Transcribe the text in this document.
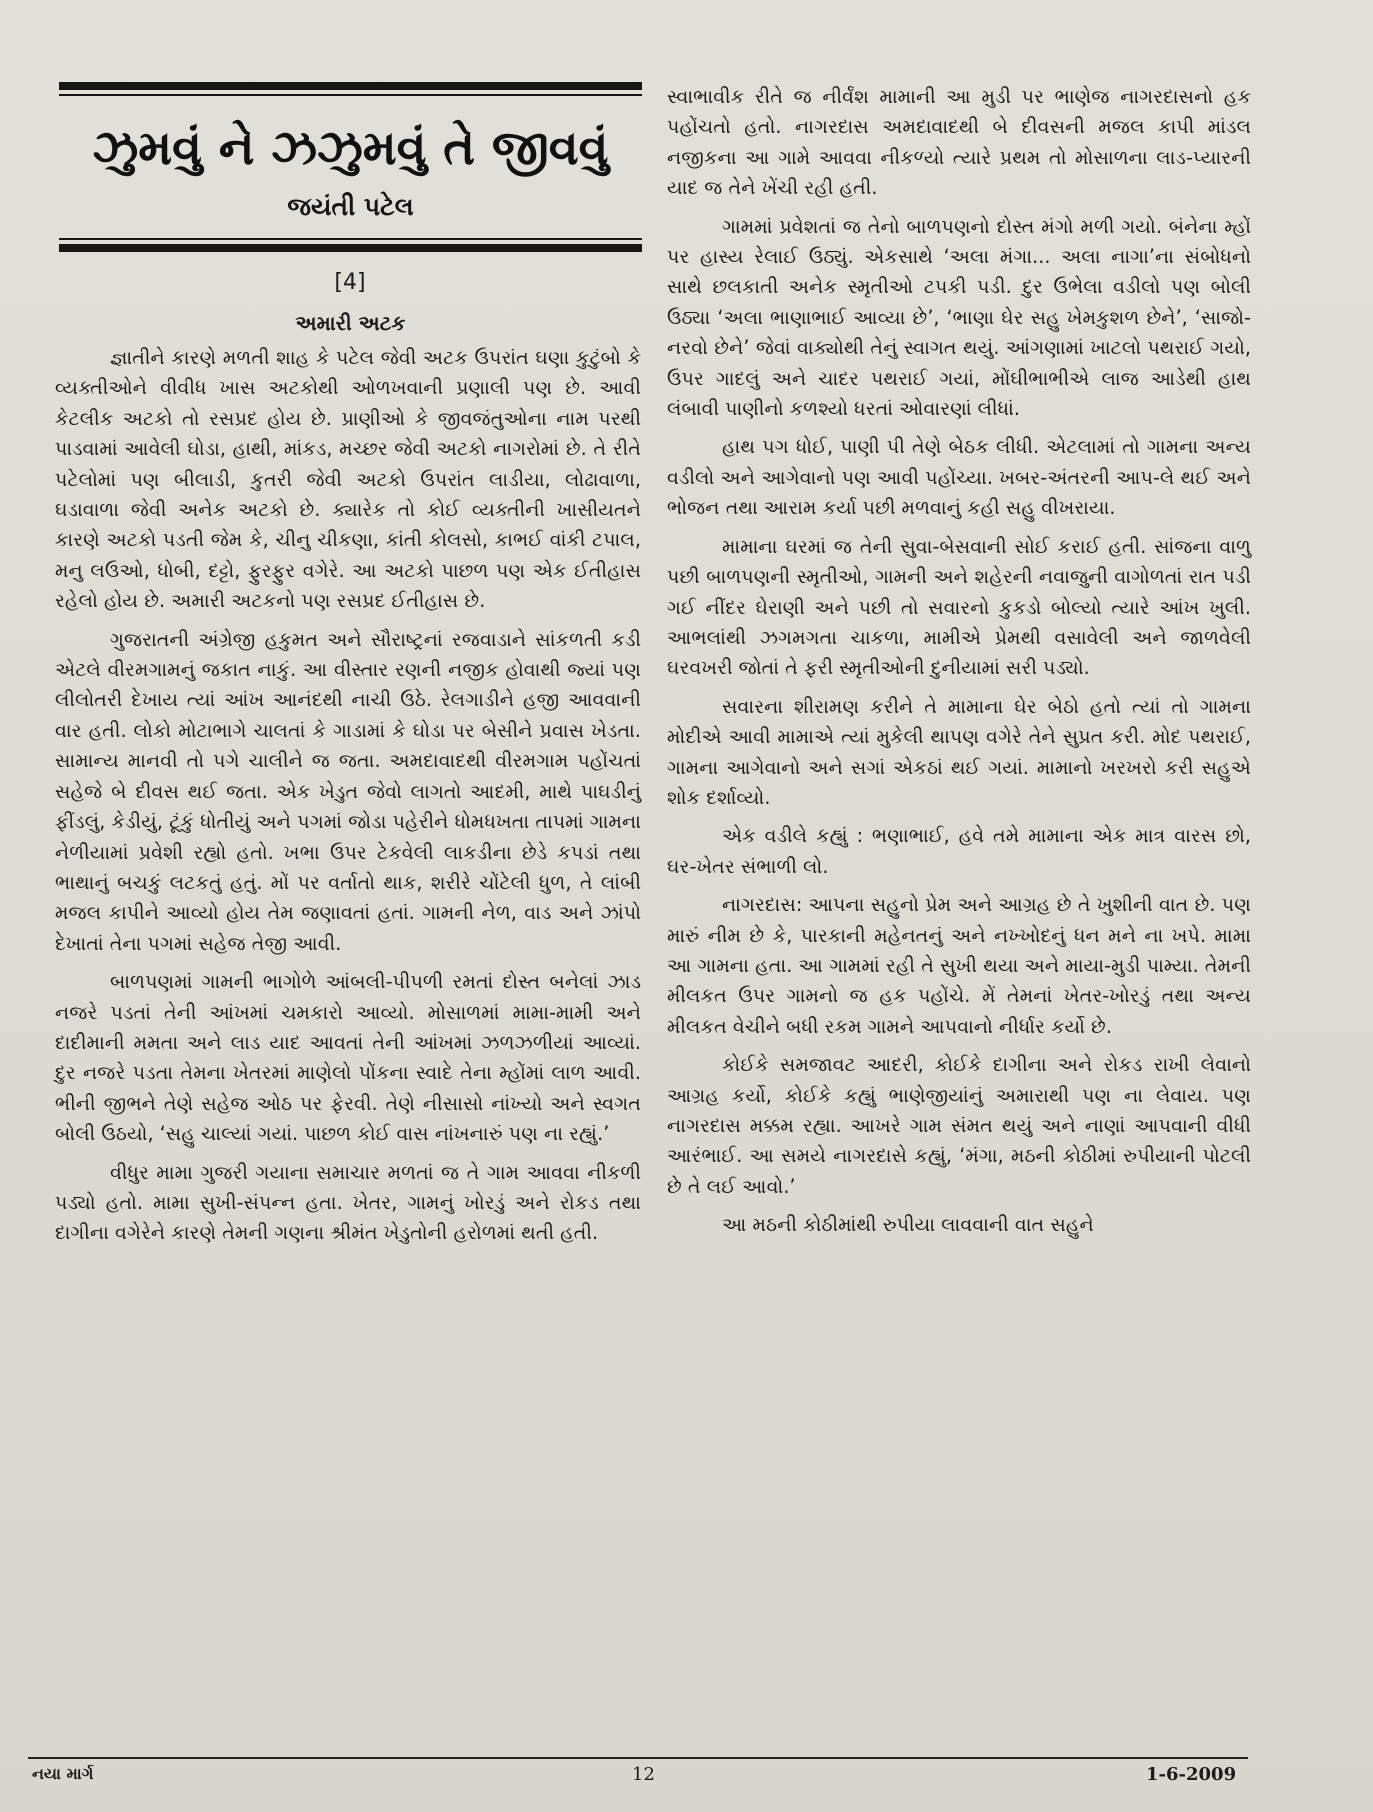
ઝુમવું ને ઝઝુમવું તે જીવવું
જયંતી પટેલ
[4]
અમારી અટક

જ્ઞાતીને કારણે મળતી શાહ કે પટેલ જેવી અટક ઉપરાંત ઘણા કુટુંબો કે વ્યક્તીઓને વીવીધ ખાસ અટકોથી ઓળખવાની પ્રણાલી પણ છે. આવી કેટલીક અટકો તો રસપ્રદ હોય છે. પ્રાણીઓ કે જીવજંતુઓના નામ પરથી પાડવામાં આવેલી ઘોડા, હાથી, માંકડ, મચ્છર જેવી અટકો નાગરોમાં છે. તે રીતે પટેલોમાં પણ બીલાડી, કુતરી જેવી અટકો ઉપરાંત લાડીયા, લોઢાવાળા, ઘડાવાળા જેવી અનેક અટકો છે. ક્યારેક તો કોઈ વ્યક્તીની ખાસીયતને કારણે અટકો પડતી જેમ કે, ચીનુ ચીકણા, કાંતી કોલસો, કાભઈ વાંકી ટપાલ, મનુ લઉઓ, ધોબી, દટ્ટો, ફુરફુર વગેરે. આ અટકો પાછળ પણ એક ઈતીહાસ રહેલો હોય છે. અમારી અટકનો પણ રસપ્રદ ઈતીહાસ છે.

ગુજરાતની અંગ્રેજી હકુમત અને સૌરાષ્ટ્રનાં રજવાડાને સાંકળતી કડી એટલે વીરમગામનું જકાત નાકું. આ વીસ્તાર રણની નજીક હોવાથી જ્યાં પણ લીલોતરી દેખાય ત્યાં આંખ આનંદથી નાચી ઉઠે. રેલગાડીને હજી આવવાની વાર હતી. લોકો મોટાભાગે ચાલતાં કે ગાડામાં કે ઘોડા પર બેસીને પ્રવાસ ખેડતા. સામાન્ય માનવી તો પગે ચાલીને જ જતા. અમદાવાદથી વીરમગામ પહોંચતાં સહેજે બે દીવસ થઈ જતા. એક ખેડુત જેવો લાગતો આદમી, માથે પાઘડીનું ફીંડલું, કેડીયું, ટૂંકું ધોતીયું અને પગમાં જોડા પહેરીને ધોમધખતા તાપમાં ગામના નેળીયામાં પ્રવેશી રહ્યો હતો. ખભા ઉપર ટેકવેલી લાકડીના છેડે કપડાં તથા ભાથાનું બચકું લટકતું હતું. મોં પર વર્તાતો થાક, શરીરે ચોંટેલી ધુળ, તે લાંબી મજલ કાપીને આવ્યો હોય તેમ જણાવતાં હતાં. ગામની નેળ, વાડ અને ઝાંપો દેખાતાં તેના પગમાં સહેજ તેજી આવી.

બાળપણમાં ગામની ભાગોળે આંબલી-પીપળી રમતાં દોસ્ત બનેલાં ઝાડ નજરે પડતાં તેની આંખમાં ચમકારો આવ્યો. મોસાળમાં મામા-મામી અને દાદીમાની મમતા અને લાડ યાદ આવતાં તેની આંખમાં ઝળઝળીયાં આવ્યાં. દુર નજરે પડતા તેમના ખેતરમાં માણેલો પોંકના સ્વાદે તેના મ્હોંમાં લાળ આવી. ભીની જીભને તેણે સહેજ ઓઠ પર ફેરવી. તેણે નીસાસો નાંખ્યો અને સ્વગત બોલી ઉઠયો, ‘સહુ ચાલ્યાં ગયાં. પાછળ કોઈ વાસ નાંખનારું પણ ના રહ્યું.’

વીધુર મામા ગુજરી ગયાના સમાચાર મળતાં જ તે ગામ આવવા નીકળી પડ્યો હતો. મામા સુખી-સંપન્ન હતા. ખેતર, ગામનું ખોરડું અને રોકડ તથા દાગીના વગેરેને કારણે તેમની ગણના શ્રીમંત ખેડુતોની હરોળમાં થતી હતી.

સ્વાભાવીક રીતે જ નીર્વંશ મામાની આ મુડી પર ભાણેજ નાગરદાસનો હક પહોંચતો હતો. નાગરદાસ અમદાવાદથી બે દીવસની મજલ કાપી માંડલ નજીકના આ ગામે આવવા નીકળ્યો ત્યારે પ્રથમ તો મોસાળના લાડ-પ્યારની યાદ જ તેને ખેંચી રહી હતી.

ગામમાં પ્રવેશતાં જ તેનો બાળપણનો દોસ્ત મંગો મળી ગયો. બંનેના મ્હોં પર હાસ્ય રેલાઈ ઉઠ્યું. એકસાથે ‘અલા મંગા... અલા નાગા’ના સંબોધનો સાથે છલકાતી અનેક સ્મૃતીઓ ટપકી પડી. દુર ઉભેલા વડીલો પણ બોલી ઉઠ્યા ‘અલા ભાણાભાઈ આવ્યા છે’, ‘ભાણા ઘેર સહુ ખેમકુશળ છેને’, ‘સાજો-નરવો છેને’ જેવાં વાક્યોથી તેનું સ્વાગત થયું. આંગણામાં ખાટલો પથરાઈ ગયો, ઉપર ગાદલું અને ચાદર પથરાઈ ગયાં, મોંઘીભાભીએ લાજ આડેથી હાથ લંબાવી પાણીનો કળશ્યો ધરતાં ઓવારણાં લીધાં.

હાથ પગ ધોઈ, પાણી પી તેણે બેઠક લીધી. એટલામાં તો ગામના અન્ય વડીલો અને આગેવાનો પણ આવી પહોંચ્યા. ખબર-અંતરની આપ-લે થઈ અને ભોજન તથા આરામ કર્યા પછી મળવાનું કહી સહુ વીખરાયા.

મામાના ઘરમાં જ તેની સુવા-બેસવાની સોઈ કરાઈ હતી. સાંજના વાળુ પછી બાળપણની સ્મૃતીઓ, ગામની અને શહેરની નવાજુની વાગોળતાં રાત પડી ગઈ નીંદર ઘેરાણી અને પછી તો સવારનો કુકડો બોલ્યો ત્યારે આંખ ખુલી. આભલાંથી ઝગમગતા ચાકળા, મામીએ પ્રેમથી વસાવેલી અને જાળવેલી ઘરવખરી જોતાં તે ફરી સ્મૃતીઓની દુનીયામાં સરી પડ્યો.

સવારના શીરામણ કરીને તે મામાના ઘેર બેઠો હતો ત્યાં તો ગામના મોદીએ આવી મામાએ ત્યાં મુકેલી થાપણ વગેરે તેને સુપ્રત કરી. મોદ પથરાઈ, ગામના આગેવાનો અને સગાં એકઠાં થઈ ગયાં. મામાનો ખરખરો કરી સહુએ શોક દર્શાવ્યો.

એક વડીલે કહ્યું : ભણાભાઈ, હવે તમે મામાના એક માત્ર વારસ છો, ઘર-ખેતર સંભાળી લો.

નાગરદાસ: આપના સહુનો પ્રેમ અને આગ્રહ છે તે ખુશીની વાત છે. પણ મારું નીમ છે કે, પારકાની મહેનતનું અને નખ્ખોદનું ધન મને ના ખપે. મામા આ ગામના હતા. આ ગામમાં રહી તે સુખી થયા અને માયા-મુડી પામ્યા. તેમની મીલકત ઉપર ગામનો જ હક પહોંચે. મેં તેમનાં ખેતર-ખોરડું તથા અન્ય મીલકત વેચીને બધી રકમ ગામને આપવાનો નીર્ધાર કર્યો છે.

કોઈકે સમજાવટ આદરી, કોઈકે દાગીના અને રોકડ રાખી લેવાનો આગ્રહ કર્યો, કોઈકે કહ્યું ભાણેજીયાંનું અમારાથી પણ ના લેવાય. પણ નાગરદાસ મક્કમ રહ્યા. આખરે ગામ સંમત થયું અને નાણાં આપવાની વીધી આરંભાઈ. આ સમયે નાગરદાસે કહ્યું, ‘મંગા, મઠની કોઠીમાં રુપીયાની પોટલી છે તે લઈ આવો.’

આ મઠની કોઠીમાંથી રુપીયા લાવવાની વાત સહુને

નયા માર્ગ	12	1-6-2009
